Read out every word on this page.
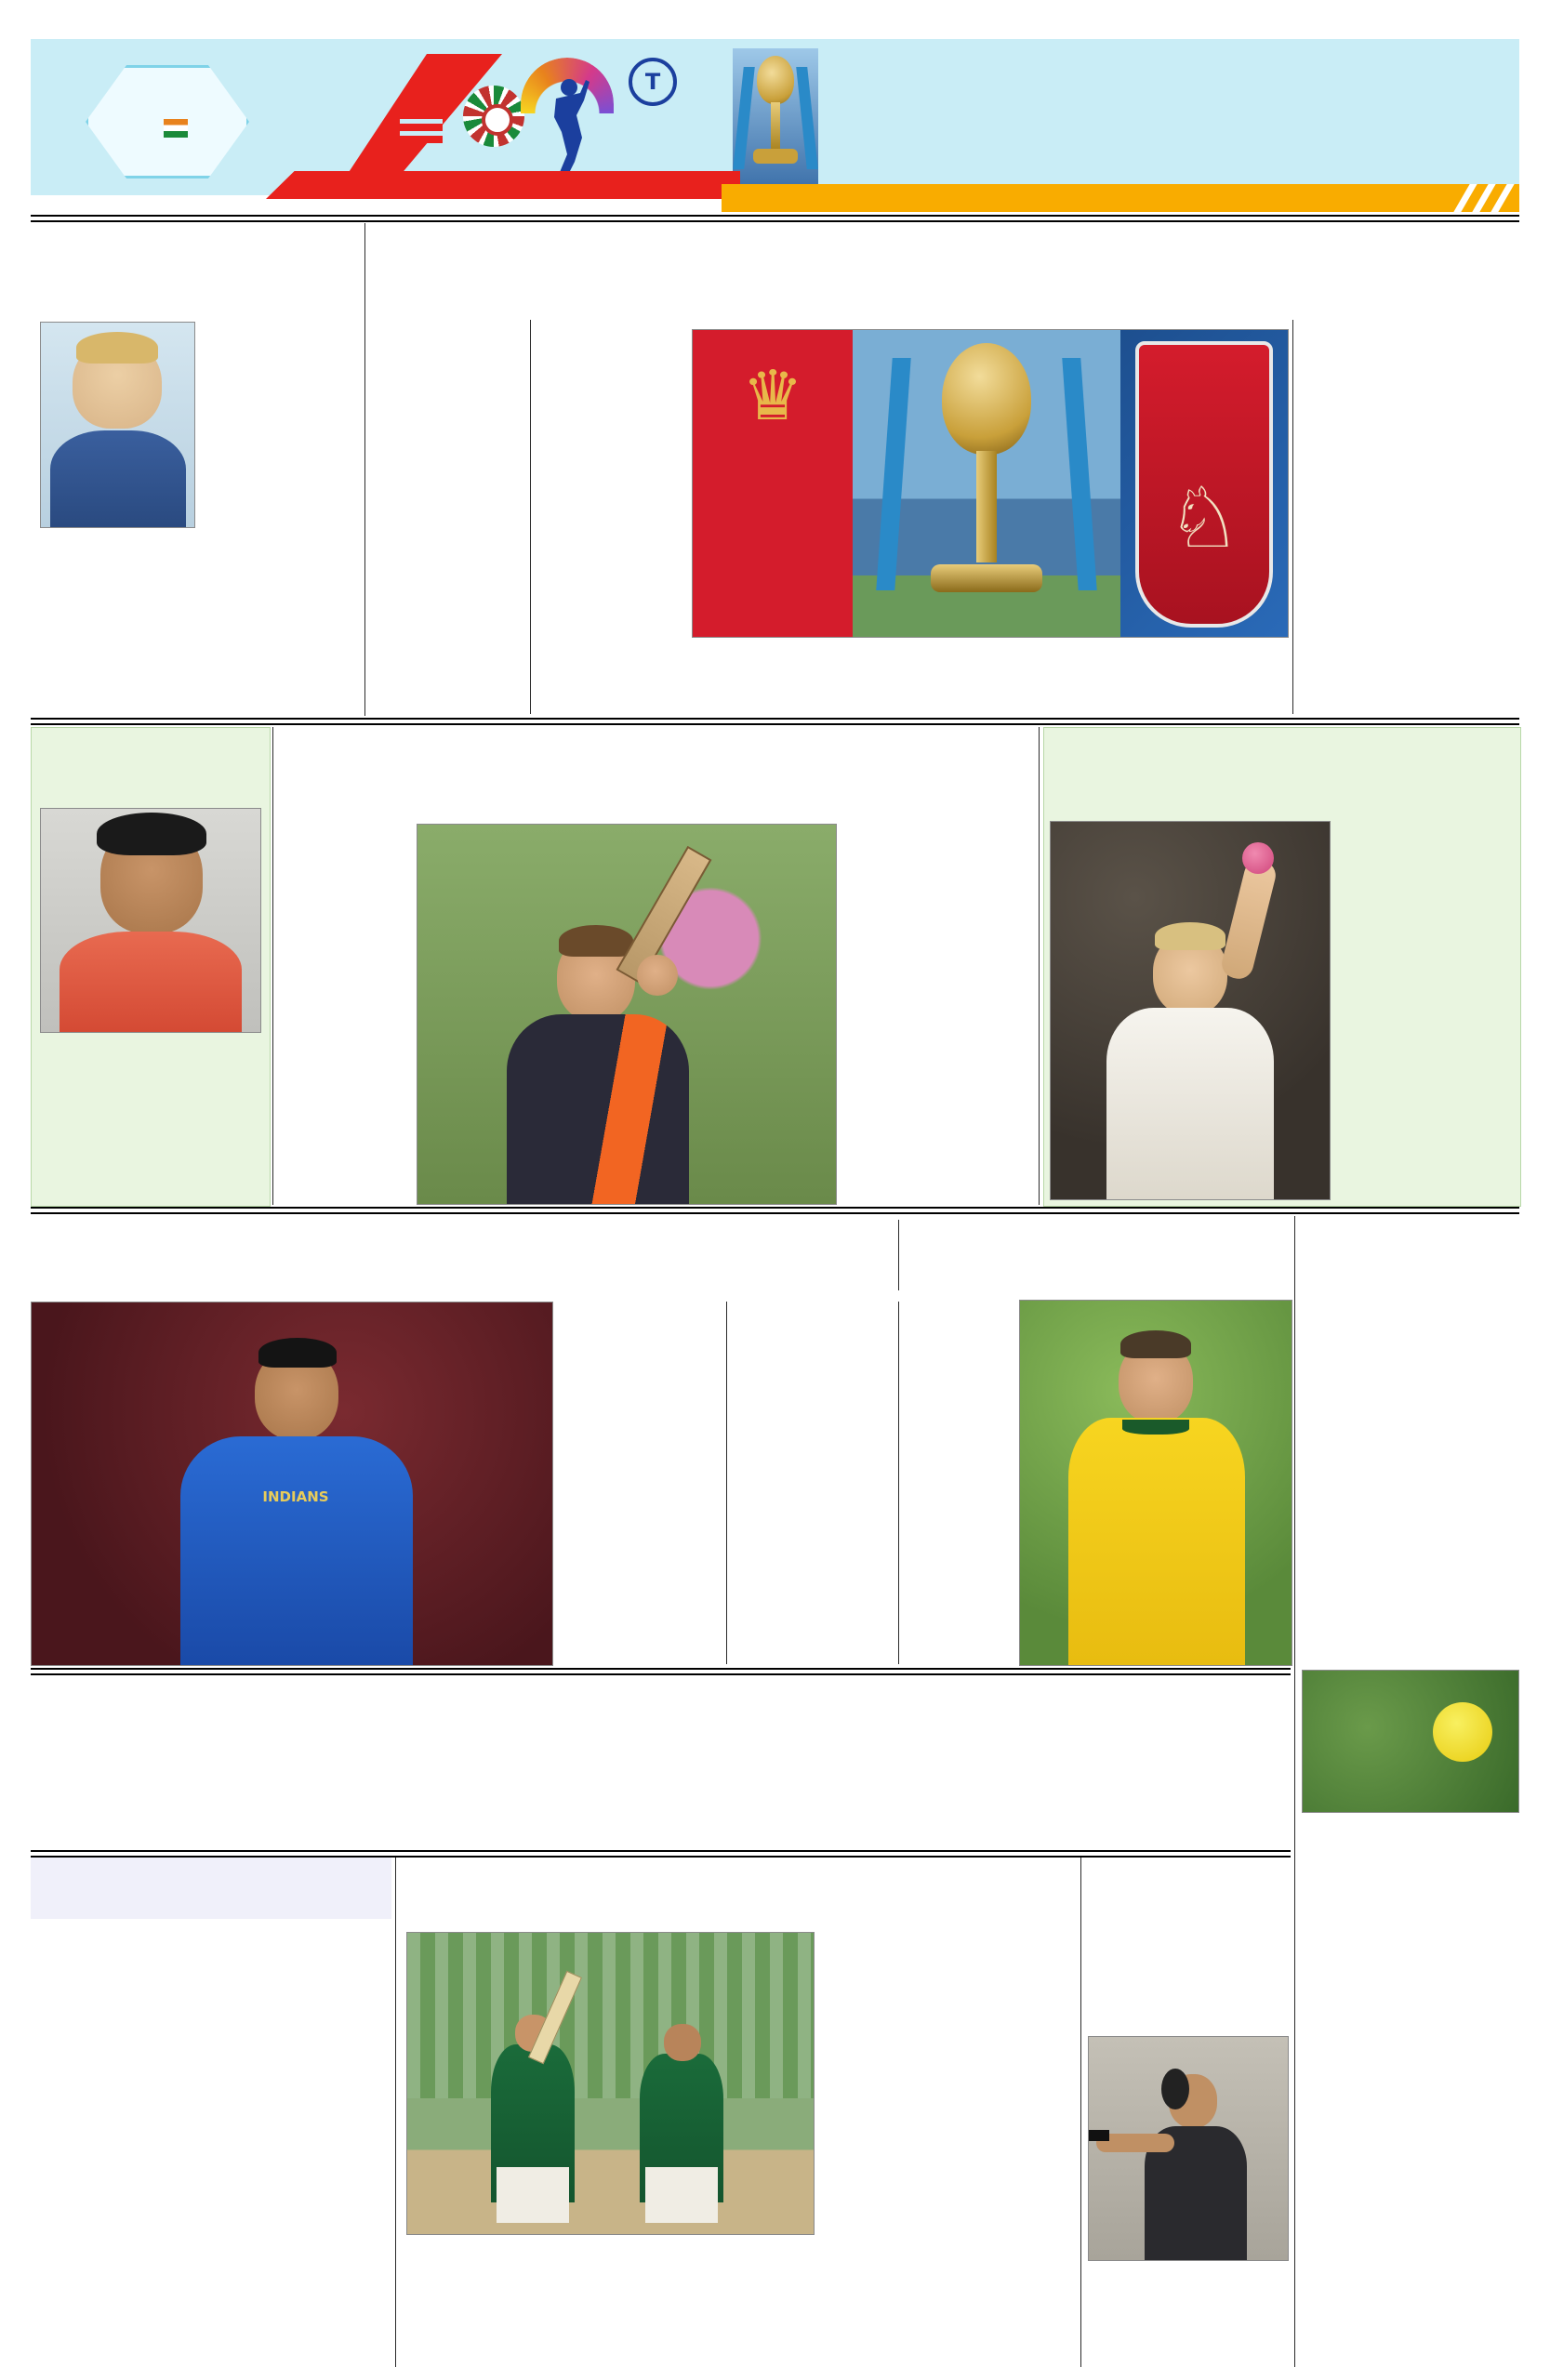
T
♛
♘
INDIANS
